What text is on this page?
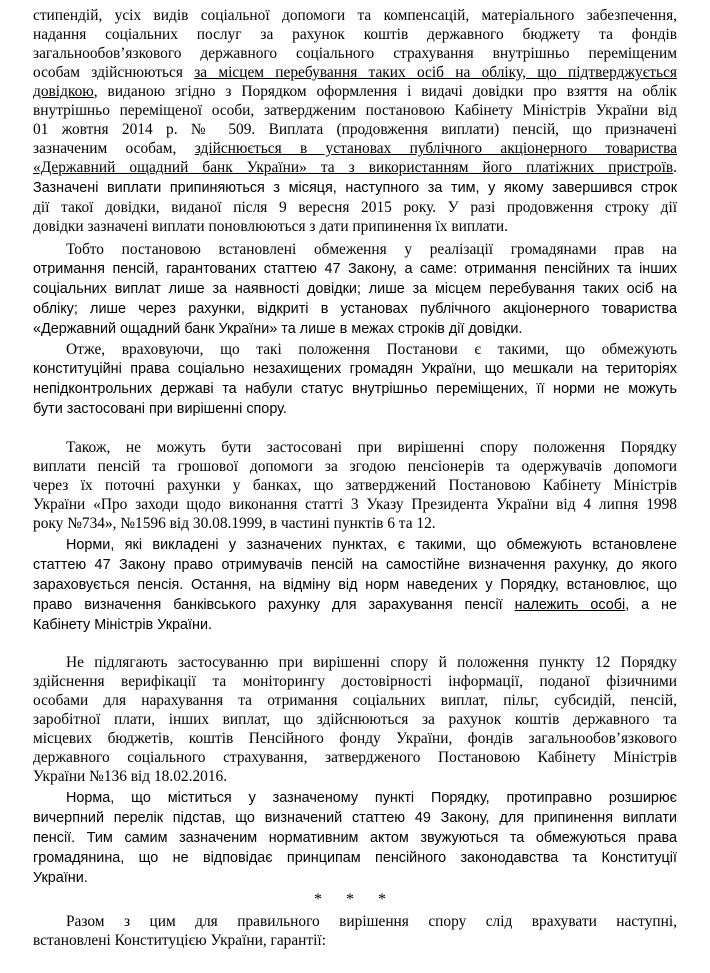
стипендій, усіх видів соціальної допомоги та компенсацій, матеріального забезпечення,
надання соціальних послуг за рахунок коштів державного бюджету та фондів
загальнообов’язкового державного соціального страхування внутрішньо переміщеним
особам здійснюються за місцем перебування таких осіб на обліку, що підтверджується
довідкою, виданою згідно з Порядком оформлення і видачі довідки про взяття на облік
внутрішньо переміщеної особи, затвердженим постановою Кабінету Міністрів України від
01 жовтня 2014 р. № 509. Виплата (продовження виплати) пенсій, що призначені
зазначеним особам, здійснюється в установах публічного акціонерного товариства
«Державний ощадний банк України» та з використанням його платіжних пристроїв.
Зазначені виплати припиняються з місяця, наступного за тим, у якому завершився строк
дії такої довідки, виданої після 9 вересня 2015 року. У разі продовження строку дії
довідки зазначені виплати поновлюються з дати припинення їх виплати.
Тобто постановою встановлені обмеження у реалізації громадянами прав на
отримання пенсій, гарантованих статтею 47 Закону, а саме: отримання пенсійних та інших
соціальних виплат лише за наявності довідки; лише за місцем перебування таких осіб на
обліку; лише через рахунки, відкриті в установах публічного акціонерного товариства
«Державний ощадний банк України» та лише в межах строків дії довідки.
Отже, враховуючи, що такі положення Постанови є такими, що обмежують
конституційні права соціально незахищених громадян України, що мешкали на територіях
непідконтрольних державі та набули статус внутрішньо переміщених, її норми не можуть
бути застосовані при вирішенні спору.
Також, не можуть бути застосовані при вирішенні спору положення Порядку
виплати пенсій та грошової допомоги за згодою пенсіонерів та одержувачів допомоги
через їх поточні рахунки у банках, що затверджений Постановою Кабінету Міністрів
України «Про заходи щодо виконання статті 3 Указу Президента України від 4 липня 1998
року №734», №1596 від 30.08.1999, в частині пунктів 6 та 12.
Норми, які викладені у зазначених пунктах, є такими, що обмежують встановлене
статтею 47 Закону право отримувачів пенсій на самостійне визначення рахунку, до якого
зараховується пенсія. Остання, на відміну від норм наведених у Порядку, встановлює, що
право визначення банківського рахунку для зарахування пенсії належить особі, а не
Кабінету Міністрів України.
Не підлягають застосуванню при вирішенні спору й положення пункту 12 Порядку
здійснення верифікації та моніторингу достовірності інформації, поданої фізичними
особами для нарахування та отримання соціальних виплат, пільг, субсидій, пенсій,
заробітної плати, інших виплат, що здійснюються за рахунок коштів державного та
місцевих бюджетів, коштів Пенсійного фонду України, фондів загальнообов’язкового
державного соціального страхування, затвердженого Постановою Кабінету Міністрів
України №136 від 18.02.2016.
Норма, що міститься у зазначеному пункті Порядку, протиправно розширює
вичерпний перелік підстав, що визначений статтею 49 Закону, для припинення виплати
пенсії. Тим самим зазначеним нормативним актом звужуються та обмежуються права
громадянина, що не відповідає принципам пенсійного законодавства та Конституції
України.
* * *
Разом з цим для правильного вирішення спору слід врахувати наступні,
встановлені Конституцією України, гарантії:
